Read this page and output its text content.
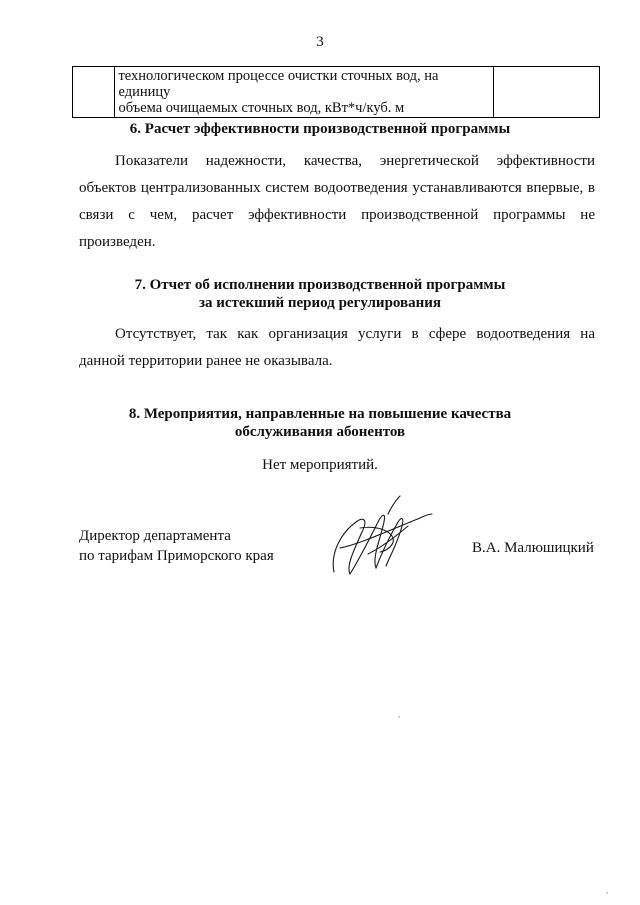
3
	технологическом процессе очистки сточных вод, на единицу
объема очищаемых сточных вод, кВт*ч/куб. м	
6. Расчет эффективности производственной программы
Показатели надежности, качества, энергетической эффективности
объектов централизованных систем водоотведения устанавливаются впервые, в
связи с чем, расчет эффективности производственной программы не
произведен.
7. Отчет об исполнении производственной программы
за истекший период регулирования
Отсутствует, так как организация услуги в сфере водоотведения на
данной территории ранее не оказывала.
8. Мероприятия, направленные на повышение качества
обслуживания абонентов
Нет мероприятий.
Директор департамента
по тарифам Приморского края	В.А. Малюшицкий
